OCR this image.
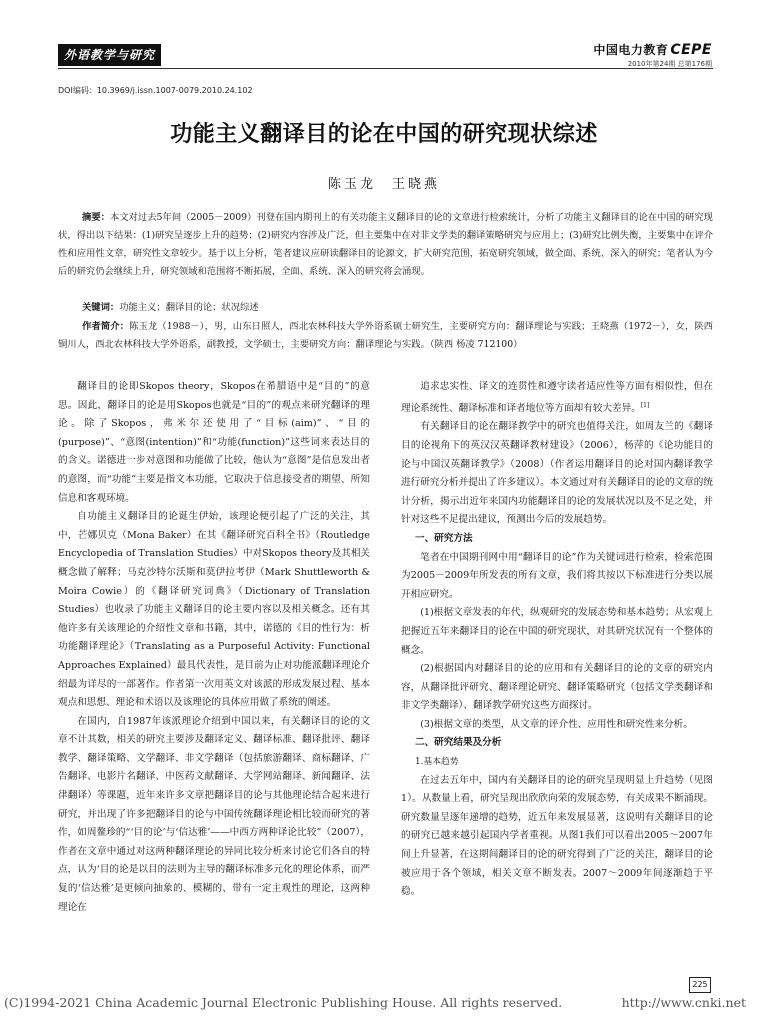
外语教学与研究	中国电力教育 CEPE
2010年第24期 总第176期
DOI编码：10.3969/j.issn.1007-0079.2010.24.102
功能主义翻译目的论在中国的研究现状综述
陈玉龙　王晓燕

摘要：本文对过去5年间（2005－2009）刊登在国内期刊上的有关功能主义翻译目的论的文章进行检索统计，分析了功能主义翻译目的论在中国的研究现状，得出以下结果：(1)研究呈逐步上升的趋势；(2)研究内容涉及广泛，但主要集中在对非文学类的翻译策略研究与应用上；(3)研究比例失衡，主要集中在评介性和应用性文章，研究性文章较少。基于以上分析，笔者建议应研读翻译目的论源文，扩大研究范围，拓宽研究领域，做全面、系统、深入的研究；笔者认为今后的研究仍会继续上升，研究领域和范围将不断拓展，全面、系统、深入的研究将会涌现。

关键词：功能主义；翻译目的论；状况综述

作者简介：陈玉龙（1988－），男，山东日照人，西北农林科技大学外语系硕士研究生，主要研究方向：翻译理论与实践；王晓燕（1972－），女，陕西铜川人，西北农林科技大学外语系，副教授，文学硕士，主要研究方向：翻译理论与实践。（陕西 杨凌 712100）

翻译目的论即Skopos theory，Skopos在希腊语中是“目的”的意思。因此，翻译目的论是用Skopos也就是“目的”的观点来研究翻译的理论。除了Skopos，弗米尔还使用了“目标(aim)”、“目的(purpose)”、“意图(intention)”和“功能(function)”这些词来表达目的的含义。诺德进一步对意图和功能做了比较，他认为“意图”是信息发出者的意图，而“功能”主要是指文本功能，它取决于信息接受者的期望、所知信息和客观环境。

自功能主义翻译目的论诞生伊始，该理论便引起了广泛的关注，其中，芒娜贝克（Mona Baker）在其《翻译研究百科全书》（Routledge Encyclopedia of Translation Studies）中对Skopos theory及其相关概念做了解释；马克沙特尔沃斯和莫伊拉考伊（Mark Shuttleworth & Moira Cowie）的《翻译研究词典》（Dictionary of Translation Studies）也收录了功能主义翻译目的论主要内容以及相关概念。还有其他许多有关该理论的介绍性文章和书籍，其中，诺德的《目的性行为：析功能翻译理论》（Translating as a Purposeful Activity: Functional Approaches Explained）最具代表性，是目前为止对功能派翻译理论介绍最为详尽的一部著作。作者第一次用英文对该派的形成发展过程、基本观点和思想、理论和术语以及该理论的具体应用做了系统的阐述。

在国内，自1987年该派理论介绍到中国以来，有关翻译目的论的文章不计其数，相关的研究主要涉及翻译定义、翻译标准、翻译批评、翻译教学、翻译策略、文学翻译、非文学翻译（包括旅游翻译、商标翻译、广告翻译、电影片名翻译、中医药文献翻译、大学网站翻译、新闻翻译、法律翻译）等课题，近年来许多文章把翻译目的论与其他理论结合起来进行研究，并出现了许多把翻译目的论与中国传统翻译理论相比较而研究的著作，如周鳌珍的“‘目的论’与‘信达雅’——中西方两种译论比较”（2007），作者在文章中通过对这两种翻译理论的异同比较分析来讨论它们各自的特点，认为‘目的论是以目的法则为主导的翻译标准多元化的理论体系，而严复的‘信达雅’是更倾向抽象的、模糊的、带有一定主观性的理论，这两种理论在

追求忠实性、译文的连贯性和遵守读者适应性等方面有相似性，但在理论系统性、翻译标准和译者地位等方面却有较大差异。[1]

有关翻译目的论在翻译教学中的研究也值得关注，如周友兰的《翻译目的论视角下的英汉汉英翻译教材建设》（2006），杨萍的《论功能目的论与中国汉英翻译教学》（2008）（作者运用翻译目的论对国内翻译教学进行研究分析并提出了许多建议）。本文通过对有关翻译目的论的文章的统计分析，揭示出近年来国内功能翻译目的论的发展状况以及不足之处，并针对这些不足提出建议，预测出今后的发展趋势。

一、研究方法

笔者在中国期刊网中用“翻译目的论”作为关键词进行检索，检索范围为2005－2009年所发表的所有文章，我们将其按以下标准进行分类以展开相应研究。

(1)根据文章发表的年代，纵观研究的发展态势和基本趋势；从宏观上把握近五年来翻译目的论在中国的研究现状，对其研究状况有一个整体的概念。

(2)根据国内对翻译目的论的应用和有关翻译目的论的文章的研究内容，从翻译批评研究、翻译理论研究、翻译策略研究（包括文学类翻译和非文学类翻译）、翻译教学研究这些方面探讨。

(3)根据文章的类型，从文章的评介性、应用性和研究性来分析。

二、研究结果及分析

1.基本趋势

在过去五年中，国内有关翻译目的论的研究呈现明显上升趋势（见图1）。从数量上看，研究呈现出欣欣向荣的发展态势，有关成果不断涌现。研究数量呈逐年递增的趋势，近五年来发展显著，这说明有关翻译目的论的研究已越来越引起国内学者重视。从图1我们可以看出2005～2007年间上升显著，在这期间翻译目的论的研究得到了广泛的关注，翻译目的论被应用于各个领域，相关文章不断发表。2007～2009年间逐渐趋于平稳。

225
(C)1994-2021 China Academic Journal Electronic Publishing House. All rights reserved.	http://www.cnki.net
